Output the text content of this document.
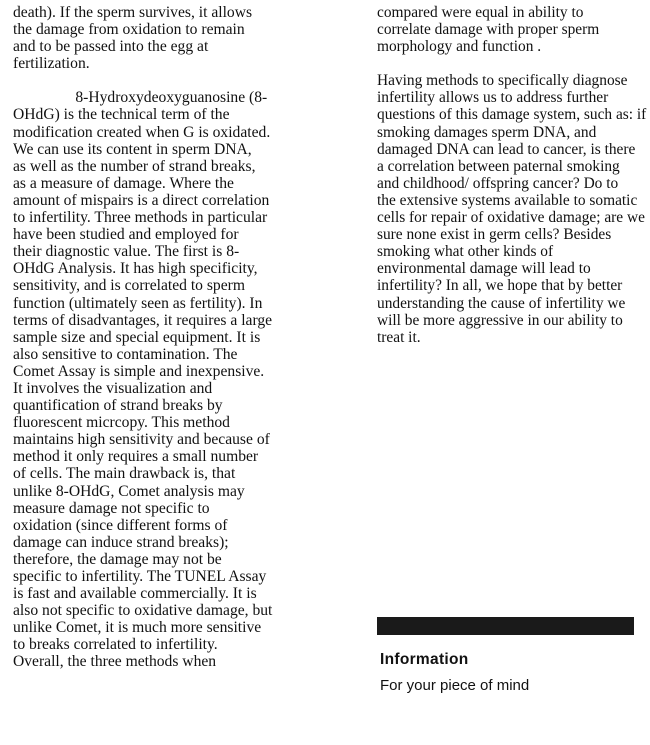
death). If the sperm survives, it allows
the damage from oxidation to remain
and to be passed into the egg at
fertilization.
8-Hydroxydeoxyguanosine (8-
OHdG) is the technical term of the
modification created when G is oxidated.
We can use its content in sperm DNA,
as well as the number of strand breaks,
as a measure of damage. Where the
amount of mispairs is a direct correlation
to infertility. Three methods in particular
have been studied and employed for
their diagnostic value. The first is 8-
OHdG Analysis. It has high specificity,
sensitivity, and is correlated to sperm
function (ultimately seen as fertility). In
terms of disadvantages, it requires a large
sample size and special equipment. It is
also sensitive to contamination. The
Comet Assay is simple and inexpensive.
It involves the visualization and
quantification of strand breaks by
fluorescent micrcopy. This method
maintains high sensitivity and because of
method it only requires a small number
of cells. The main drawback is, that
unlike 8-OHdG, Comet analysis may
measure damage not specific to
oxidation (since different forms of
damage can induce strand breaks);
therefore, the damage may not be
specific to infertility. The TUNEL Assay
is fast and available commercially. It is
also not specific to oxidative damage, but
unlike Comet, it is much more sensitive
to breaks correlated to infertility.
Overall, the three methods when
compared were equal in ability to
correlate damage with proper sperm
morphology and function .
Having methods to specifically diagnose
infertility allows us to address further
questions of this damage system, such as: if
smoking damages sperm DNA, and
damaged DNA can lead to cancer, is there
a correlation between paternal smoking
and childhood/ offspring cancer? Do to
the extensive systems available to somatic
cells for repair of oxidative damage; are we
sure none exist in germ cells? Besides
smoking what other kinds of
environmental damage will lead to
infertility? In all, we hope that by better
understanding the cause of infertility we
will be more aggressive in our ability to
treat it.
Information
For your piece of mind
